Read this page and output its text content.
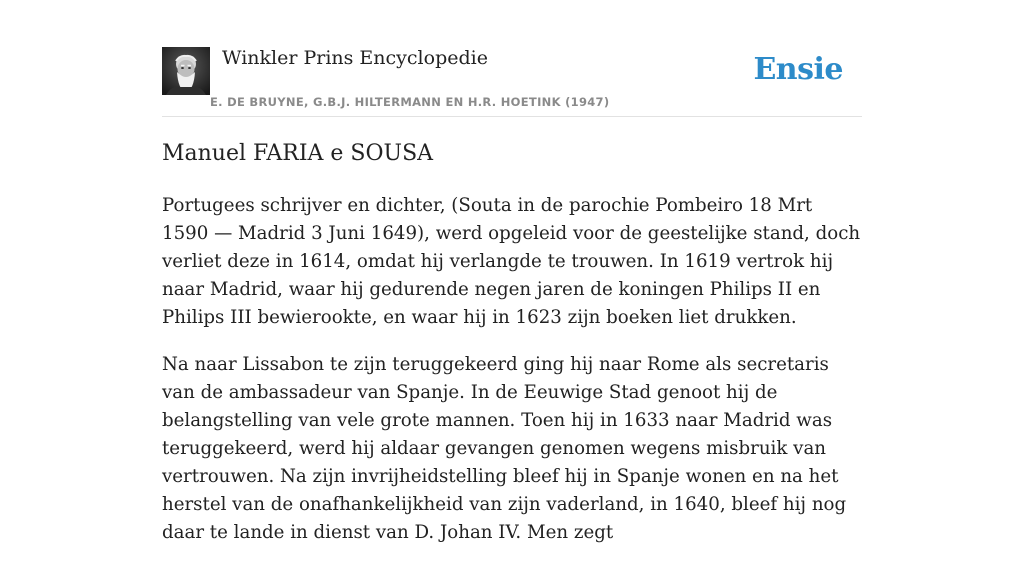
Winkler Prins Encyclopedie
E. DE BRUYNE, G.B.J. HILTERMANN EN H.R. HOETINK (1947)
Ensie
Manuel FARIA e SOUSA

Portugees schrijver en dichter, (Souta in de parochie Pombeiro 18 Mrt 1590 — Madrid 3 Juni 1649), werd opgeleid voor de geestelijke stand, doch verliet deze in 1614, omdat hij verlangde te trouwen. In 1619 vertrok hij naar Madrid, waar hij gedurende negen jaren de koningen Philips II en Philips III bewierookte, en waar hij in 1623 zijn boeken liet drukken.

Na naar Lissabon te zijn teruggekeerd ging hij naar Rome als secretaris van de ambassadeur van Spanje. In de Eeuwige Stad genoot hij de belangstelling van vele grote mannen. Toen hij in 1633 naar Madrid was teruggekeerd, werd hij aldaar gevangen genomen wegens misbruik van vertrouwen. Na zijn invrijheidstelling bleef hij in Spanje wonen en na het herstel van de onafhankelijkheid van zijn vaderland, in 1640, bleef hij nog daar te lande in dienst van D. Johan IV. Men zegt
